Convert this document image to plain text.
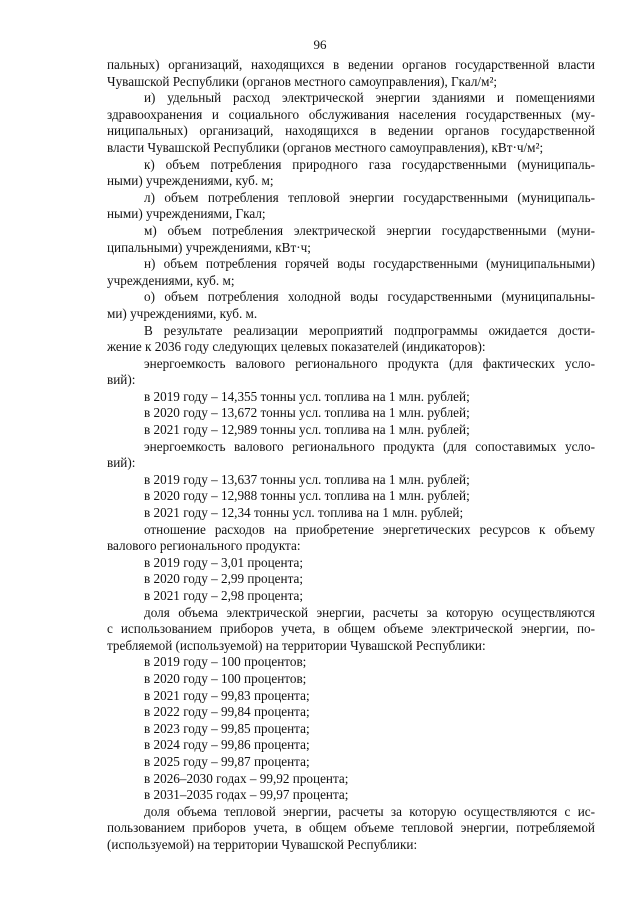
96
пальных) организаций, находящихся в ведении органов государственной власти
Чувашской Республики (органов местного самоуправления), Гкал/м²;
и) удельный расход электрической энергии зданиями и помещениями
здравоохранения и социального обслуживания населения государственных (му-
ниципальных) организаций, находящихся в ведении органов государственной
власти Чувашской Республики (органов местного самоуправления), кВт·ч/м²;
к) объем потребления природного газа государственными (муниципаль-
ными) учреждениями, куб. м;
л) объем потребления тепловой энергии государственными (муниципаль-
ными) учреждениями, Гкал;
м) объем потребления электрической энергии государственными (муни-
ципальными) учреждениями, кВт·ч;
н) объем потребления горячей воды государственными (муниципальными)
учреждениями, куб. м;
о) объем потребления холодной воды государственными (муниципальны-
ми) учреждениями, куб. м.
В результате реализации мероприятий подпрограммы ожидается дости-
жение к 2036 году следующих целевых показателей (индикаторов):
энергоемкость валового регионального продукта (для фактических усло-
вий):
в 2019 году – 14,355 тонны усл. топлива на 1 млн. рублей;
в 2020 году – 13,672 тонны усл. топлива на 1 млн. рублей;
в 2021 году – 12,989 тонны усл. топлива на 1 млн. рублей;
энергоемкость валового регионального продукта (для сопоставимых усло-
вий):
в 2019 году – 13,637 тонны усл. топлива на 1 млн. рублей;
в 2020 году – 12,988 тонны усл. топлива на 1 млн. рублей;
в 2021 году – 12,34 тонны усл. топлива на 1 млн. рублей;
отношение расходов на приобретение энергетических ресурсов к объему
валового регионального продукта:
в 2019 году – 3,01 процента;
в 2020 году – 2,99 процента;
в 2021 году – 2,98 процента;
доля объема электрической энергии, расчеты за которую осуществляются
с использованием приборов учета, в общем объеме электрической энергии, по-
требляемой (используемой) на территории Чувашской Республики:
в 2019 году – 100 процентов;
в 2020 году – 100 процентов;
в 2021 году – 99,83 процента;
в 2022 году – 99,84 процента;
в 2023 году – 99,85 процента;
в 2024 году – 99,86 процента;
в 2025 году – 99,87 процента;
в 2026–2030 годах – 99,92 процента;
в 2031–2035 годах – 99,97 процента;
доля объема тепловой энергии, расчеты за которую осуществляются с ис-
пользованием приборов учета, в общем объеме тепловой энергии, потребляемой
(используемой) на территории Чувашской Республики:
